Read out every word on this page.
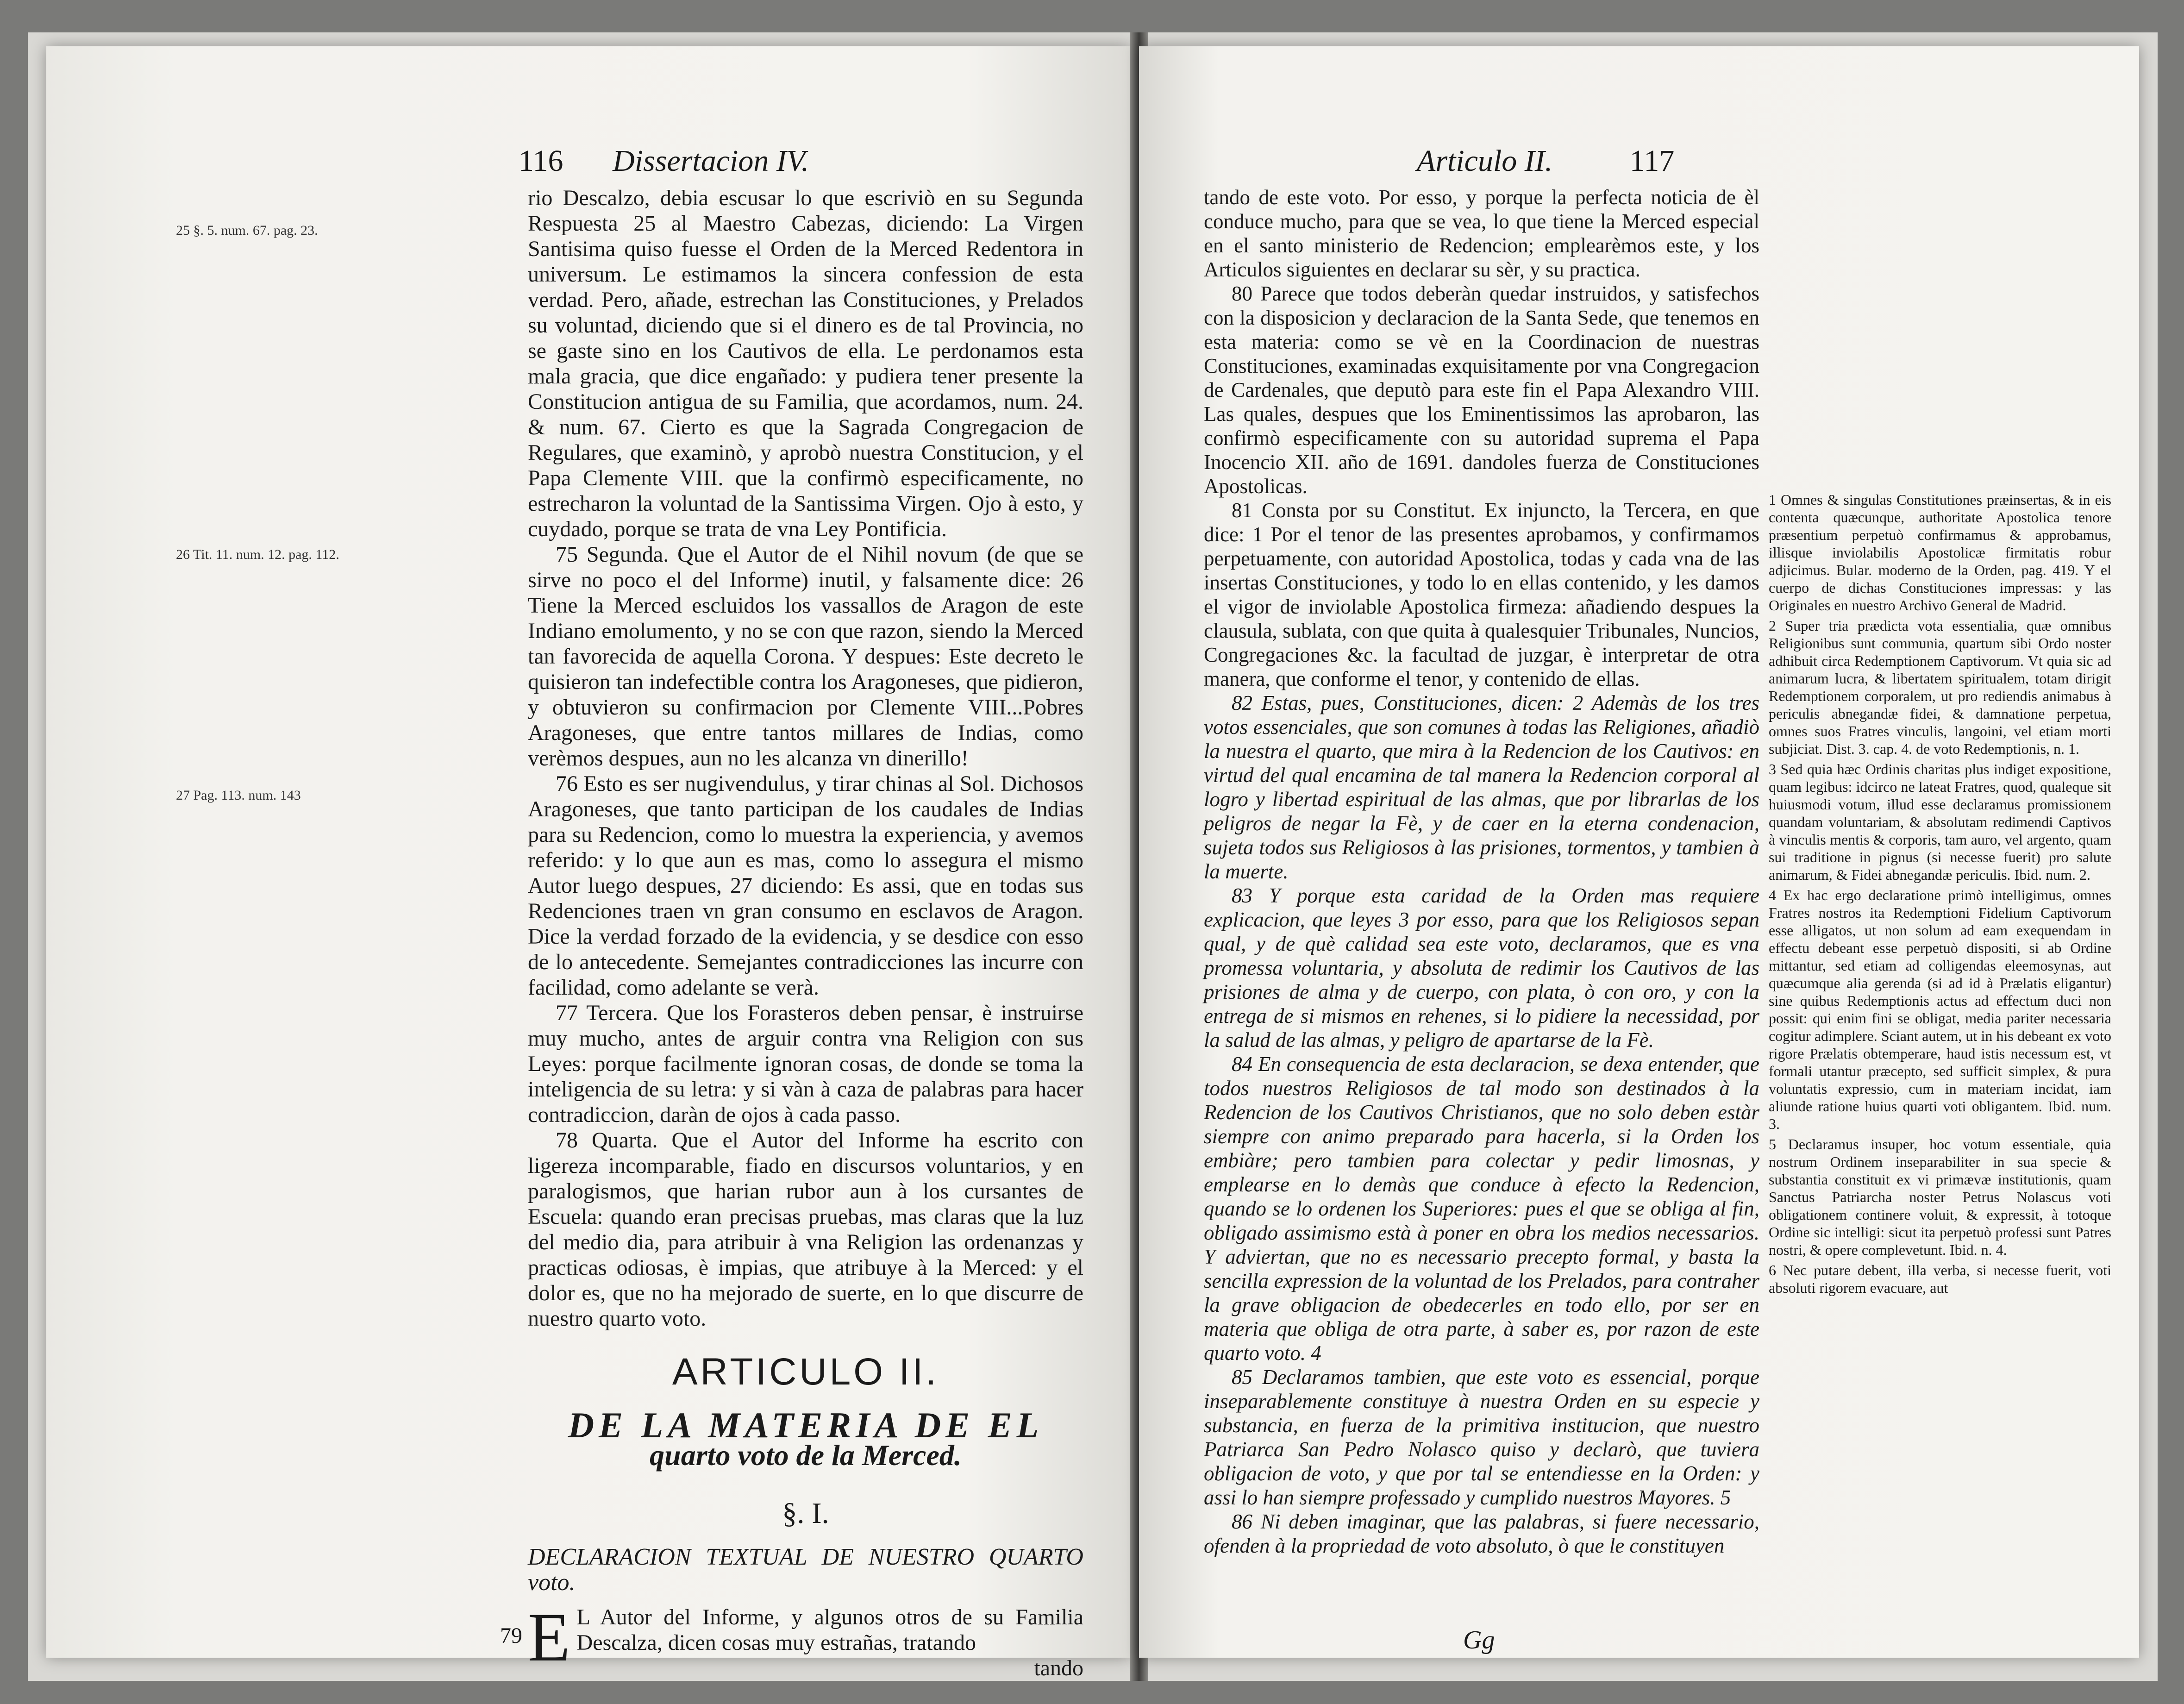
116 Dissertacion IV.
25 §. 5. num. 67. pag. 23.
26 Tit. 11. num. 12. pag. 112.
27 Pag. 113. num. 143

rio Descalzo, debia escusar lo que escriviò en su Segunda Respuesta 25 al Maestro Cabezas, diciendo: La Virgen Santisima quiso fuesse el Orden de la Merced Redentora in universum. Le estimamos la sincera confession de esta verdad. Pero, añade, estrechan las Constituciones, y Prelados su voluntad, diciendo que si el dinero es de tal Provincia, no se gaste sino en los Cautivos de ella. Le perdonamos esta mala gracia, que dice engañado: y pudiera tener presente la Constitucion antigua de su Familia, que acordamos, num. 24. & num. 67. Cierto es que la Sagrada Congregacion de Regulares, que examinò, y aprobò nuestra Constitucion, y el Papa Clemente VIII. que la confirmò especificamente, no estrecharon la voluntad de la Santissima Virgen. Ojo à esto, y cuydado, porque se trata de vna Ley Pontificia.

75 Segunda. Que el Autor de el Nihil novum (de que se sirve no poco el del Informe) inutil, y falsamente dice: 26 Tiene la Merced escluidos los vassallos de Aragon de este Indiano emolumento, y no se con que razon, siendo la Merced tan favorecida de aquella Corona. Y despues: Este decreto le quisieron tan indefectible contra los Aragoneses, que pidieron, y obtuvieron su confirmacion por Clemente VIII...Pobres Aragoneses, que entre tantos millares de Indias, como verèmos despues, aun no les alcanza vn dinerillo!

76 Esto es ser nugivendulus, y tirar chinas al Sol. Dichosos Aragoneses, que tanto participan de los caudales de Indias para su Redencion, como lo muestra la experiencia, y avemos referido: y lo que aun es mas, como lo assegura el mismo Autor luego despues, 27 diciendo: Es assi, que en todas sus Redenciones traen vn gran consumo en esclavos de Aragon. Dice la verdad forzado de la evidencia, y se desdice con esso de lo antecedente. Semejantes contradicciones las incurre con facilidad, como adelante se verà.

77 Tercera. Que los Forasteros deben pensar, è instruirse muy mucho, antes de arguir contra vna Religion con sus Leyes: porque facilmente ignoran cosas, de donde se toma la inteligencia de su letra: y si vàn à caza de palabras para hacer contradiccion, daràn de ojos à cada passo.

78 Quarta. Que el Autor del Informe ha escrito con ligereza incomparable, fiado en discursos voluntarios, y en paralogismos, que harian rubor aun à los cursantes de Escuela: quando eran precisas pruebas, mas claras que la luz del medio dia, para atribuir à vna Religion las ordenanzas y practicas odiosas, è impias, que atribuye à la Merced: y el dolor es, que no ha mejorado de suerte, en lo que discurre de nuestro quarto voto.

ARTICULO II.
DE LA MATERIA DE EL
quarto voto de la Merced.
§. I.
DECLARACION TEXTUAL DE NUESTRO QUARTO voto.

79 E L Autor del Informe, y algunos otros de su Familia Descalza, dicen cosas muy estrañas, tratando

tando
Articulo II.	117

tando de este voto. Por esso, y porque la perfecta noticia de èl conduce mucho, para que se vea, lo que tiene la Merced especial en el santo ministerio de Redencion; emplearèmos este, y los Articulos siguientes en declarar su sèr, y su practica.

80 Parece que todos deberàn quedar instruidos, y satisfechos con la disposicion y declaracion de la Santa Sede, que tenemos en esta materia: como se vè en la Coordinacion de nuestras Constituciones, examinadas exquisitamente por vna Congregacion de Cardenales, que deputò para este fin el Papa Alexandro VIII. Las quales, despues que los Eminentissimos las aprobaron, las confirmò especificamente con su autoridad suprema el Papa Inocencio XII. año de 1691. dandoles fuerza de Constituciones Apostolicas.

81 Consta por su Constitut. Ex injuncto, la Tercera, en que dice: 1 Por el tenor de las presentes aprobamos, y confirmamos perpetuamente, con autoridad Apostolica, todas y cada vna de las insertas Constituciones, y todo lo en ellas contenido, y les damos el vigor de inviolable Apostolica firmeza: añadiendo despues la clausula, sublata, con que quita à qualesquier Tribunales, Nuncios, Congregaciones &c. la facultad de juzgar, è interpretar de otra manera, que conforme el tenor, y contenido de ellas.

82 Estas, pues, Constituciones, dicen: 2 Ademàs de los tres votos essenciales, que son comunes à todas las Religiones, añadiò la nuestra el quarto, que mira à la Redencion de los Cautivos: en virtud del qual encamina de tal manera la Redencion corporal al logro y libertad espiritual de las almas, que por librarlas de los peligros de negar la Fè, y de caer en la eterna condenacion, sujeta todos sus Religiosos à las prisiones, tormentos, y tambien à la muerte.

83 Y porque esta caridad de la Orden mas requiere explicacion, que leyes 3 por esso, para que los Religiosos sepan qual, y de què calidad sea este voto, declaramos, que es vna promessa voluntaria, y absoluta de redimir los Cautivos de las prisiones de alma y de cuerpo, con plata, ò con oro, y con la entrega de si mismos en rehenes, si lo pidiere la necessidad, por la salud de las almas, y peligro de apartarse de la Fè.

84 En consequencia de esta declaracion, se dexa entender, que todos nuestros Religiosos de tal modo son destinados à la Redencion de los Cautivos Christianos, que no solo deben estàr siempre con animo preparado para hacerla, si la Orden los embiàre; pero tambien para colectar y pedir limosnas, y emplearse en lo demàs que conduce à efecto la Redencion, quando se lo ordenen los Superiores: pues el que se obliga al fin, obligado assimismo està à poner en obra los medios necessarios. Y adviertan, que no es necessario precepto formal, y basta la sencilla expression de la voluntad de los Prelados, para contraher la grave obligacion de obedecerles en todo ello, por ser en materia que obliga de otra parte, à saber es, por razon de este quarto voto. 4

85 Declaramos tambien, que este voto es essencial, porque inseparablemente constituye à nuestra Orden en su especie y substancia, en fuerza de la primitiva institucion, que nuestro Patriarca San Pedro Nolasco quiso y declarò, que tuviera obligacion de voto, y que por tal se entendiesse en la Orden: y assi lo han siempre professado y cumplido nuestros Mayores. 5

86 Ni deben imaginar, que las palabras, si fuere necessario, ofenden à la propriedad de voto absoluto, ò que le constituyen

Gg

1 Omnes & singulas Constitutiones præinsertas, & in eis contenta quæcunque, authoritate Apostolica tenore præsentium perpetuò confirmamus & approbamus, illisque inviolabilis Apostolicæ firmitatis robur adjicimus. Bular. moderno de la Orden, pag. 419. Y el cuerpo de dichas Constituciones impressas: y las Originales en nuestro Archivo General de Madrid.

2 Super tria prædicta vota essentialia, quæ omnibus Religionibus sunt communia, quartum sibi Ordo noster adhibuit circa Redemptionem Captivorum. Vt quia sic ad animarum lucra, & libertatem spiritualem, totam dirigit Redemptionem corporalem, ut pro rediendis animabus à periculis abnegandæ fidei, & damnatione perpetua, omnes suos Fratres vinculis, langoini, vel etiam morti subjiciat. Dist. 3. cap. 4. de voto Redemptionis, n. 1.

3 Sed quia hæc Ordinis charitas plus indiget expositione, quam legibus: idcirco ne lateat Fratres, quod, qualeque sit huiusmodi votum, illud esse declaramus promissionem quandam voluntariam, & absolutam redimendi Captivos à vinculis mentis & corporis, tam auro, vel argento, quam sui traditione in pignus (si necesse fuerit) pro salute animarum, & Fidei abnegandæ periculis. Ibid. num. 2.

4 Ex hac ergo declaratione primò intelligimus, omnes Fratres nostros ita Redemptioni Fidelium Captivorum esse alligatos, ut non solum ad eam exequendam in effectu debeant esse perpetuò dispositi, si ab Ordine mittantur, sed etiam ad colligendas eleemosynas, aut quæcumque alia gerenda (si ad id à Prælatis eligantur) sine quibus Redemptionis actus ad effectum duci non possit: qui enim fini se obligat, media pariter necessaria cogitur adimplere. Sciant autem, ut in his debeant ex voto rigore Prælatis obtemperare, haud istis necessum est, vt formali utantur præcepto, sed sufficit simplex, & pura voluntatis expressio, cum in materiam incidat, iam aliunde ratione huius quarti voti obligantem. Ibid. num. 3.

5 Declaramus insuper, hoc votum essentiale, quia nostrum Ordinem inseparabiliter in sua specie & substantia constituit ex vi primævæ institutionis, quam Sanctus Patriarcha noster Petrus Nolascus voti obligationem continere voluit, & expressit, à totoque Ordine sic intelligi: sicut ita perpetuò professi sunt Patres nostri, & opere complevetunt. Ibid. n. 4.

6 Nec putare debent, illa verba, si necesse fuerit, voti absoluti rigorem evacuare, aut
